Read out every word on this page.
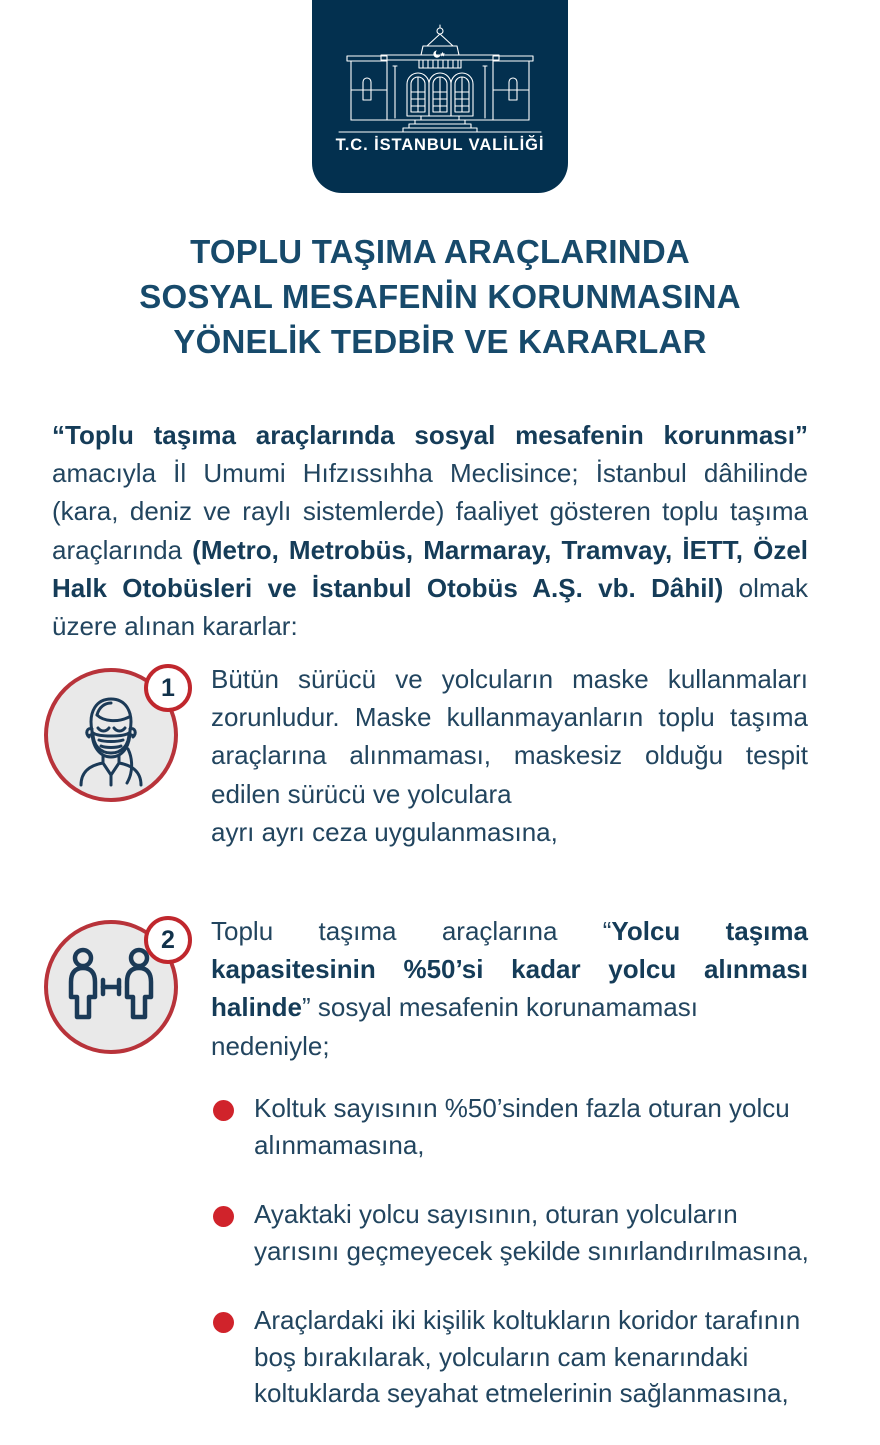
T.C. İSTANBUL VALİLİĞİ
TOPLU TAŞIMA ARAÇLARINDA
SOSYAL MESAFENİN KORUNMASINA
YÖNELİK TEDBİR VE KARARLAR

“Toplu taşıma araçlarında sosyal mesafenin korunması” amacıyla İl Umumi Hıfzıssıhha Meclisince; İstanbul dâhilinde (kara, deniz ve raylı sistemlerde) faaliyet gösteren toplu taşıma araçlarında (Metro, Metrobüs, Marmaray, Tramvay, İETT, Özel Halk Otobüsleri ve İstanbul Otobüs A.Ş. vb. Dâhil) olmak üzere alınan kararlar:

1	Bütün sürücü ve yolcuların maske kullanmaları zorunludur. Maske kullanmayanların toplu taşıma araçlarına alınmaması, maskesiz olduğu tespit edilen sürücü ve yolculara
ayrı ayrı ceza uygulanmasına,
2	Toplu taşıma araçlarına “Yolcu taşıma kapasitesinin %50’si kadar yolcu alınması halinde” sosyal mesafenin korunamaması
nedeniyle;
Koltuk sayısının %50’sinden fazla oturan yolcu alınmamasına,
Ayaktaki yolcu sayısının, oturan yolcuların yarısını geçmeyecek şekilde sınırlandırılmasına,
Araçlardaki iki kişilik koltukların koridor tarafının boş bırakılarak, yolcuların cam kenarındaki koltuklarda seyahat etmelerinin sağlanmasına,
